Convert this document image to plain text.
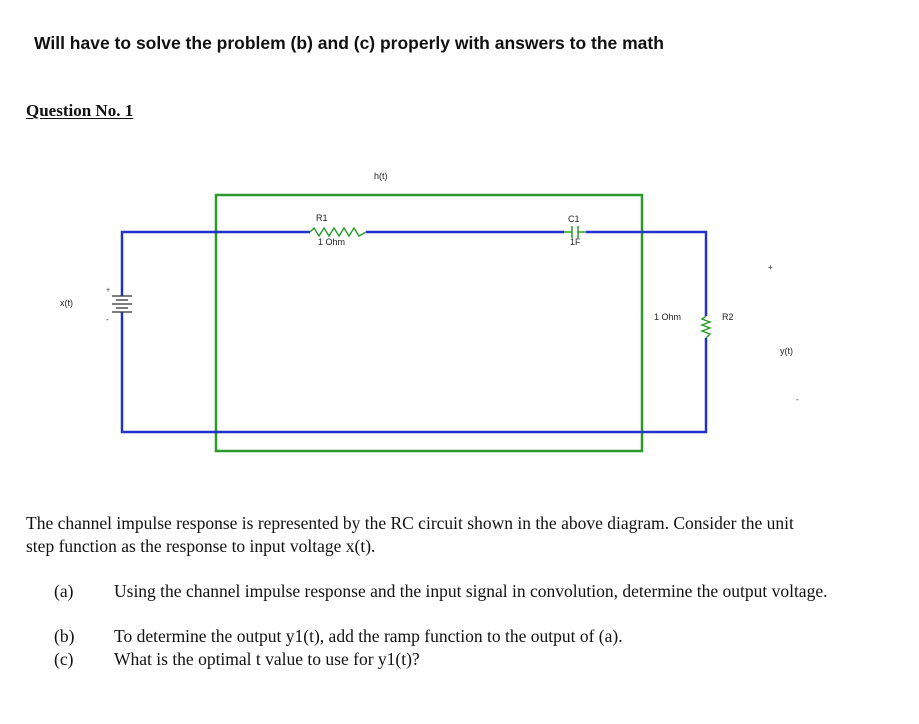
Will have to solve the problem (b) and (c) properly with answers to the math
Question No. 1
+
-
x(t)
R1
1 Ohm
C1
1F
1 Ohm	R2
+
y(t)
-
h(t)
The channel impulse response is represented by the RC circuit shown in the above diagram. Consider the unit step function as the response to input voltage x(t).
(a) Using the channel impulse response and the input signal in convolution, determine the output voltage.
(b) To determine the output y1(t), add the ramp function to the output of (a).
(c) What is the optimal t value to use for y1(t)?
